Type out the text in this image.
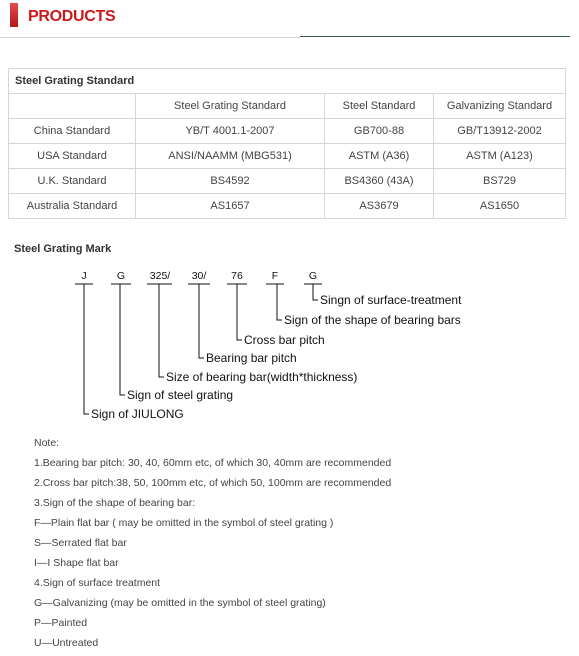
PRODUCTS
Steel Grating Standard			
	Steel Grating Standard	Steel Standard	Galvanizing Standard
China Standard	YB/T 4001.1-2007	GB700-88	GB/T13912-2002
USA Standard	ANSI/NAAMM (MBG531)	ASTM (A36)	ASTM (A123)
U.K. Standard	BS4592	BS4360 (43A)	BS729
Australia Standard	AS1657	AS3679	AS1650
Steel Grating Mark
J	G 325/ 30/	76	F	G
Singn of surface-treatment
Sign of the shape of bearing bars
Cross bar pitch
Bearing bar pitch
Size of bearing bar(width*thickness)
Sign of steel grating
Sign of JIULONG
Note:
1.Bearing bar pitch: 30, 40, 60mm etc, of which 30, 40mm are recommended
2.Cross bar pitch:38, 50, 100mm etc, of which 50, 100mm are recommended
3.Sign of the shape of bearing bar:
F—Plain flat bar ( may be omitted in the symbol of steel grating )
S—Serrated flat bar
I—I Shape flat bar
4.Sign of surface treatment
G—Galvanizing (may be omitted in the symbol of steel grating)
P—Painted
U—Untreated
